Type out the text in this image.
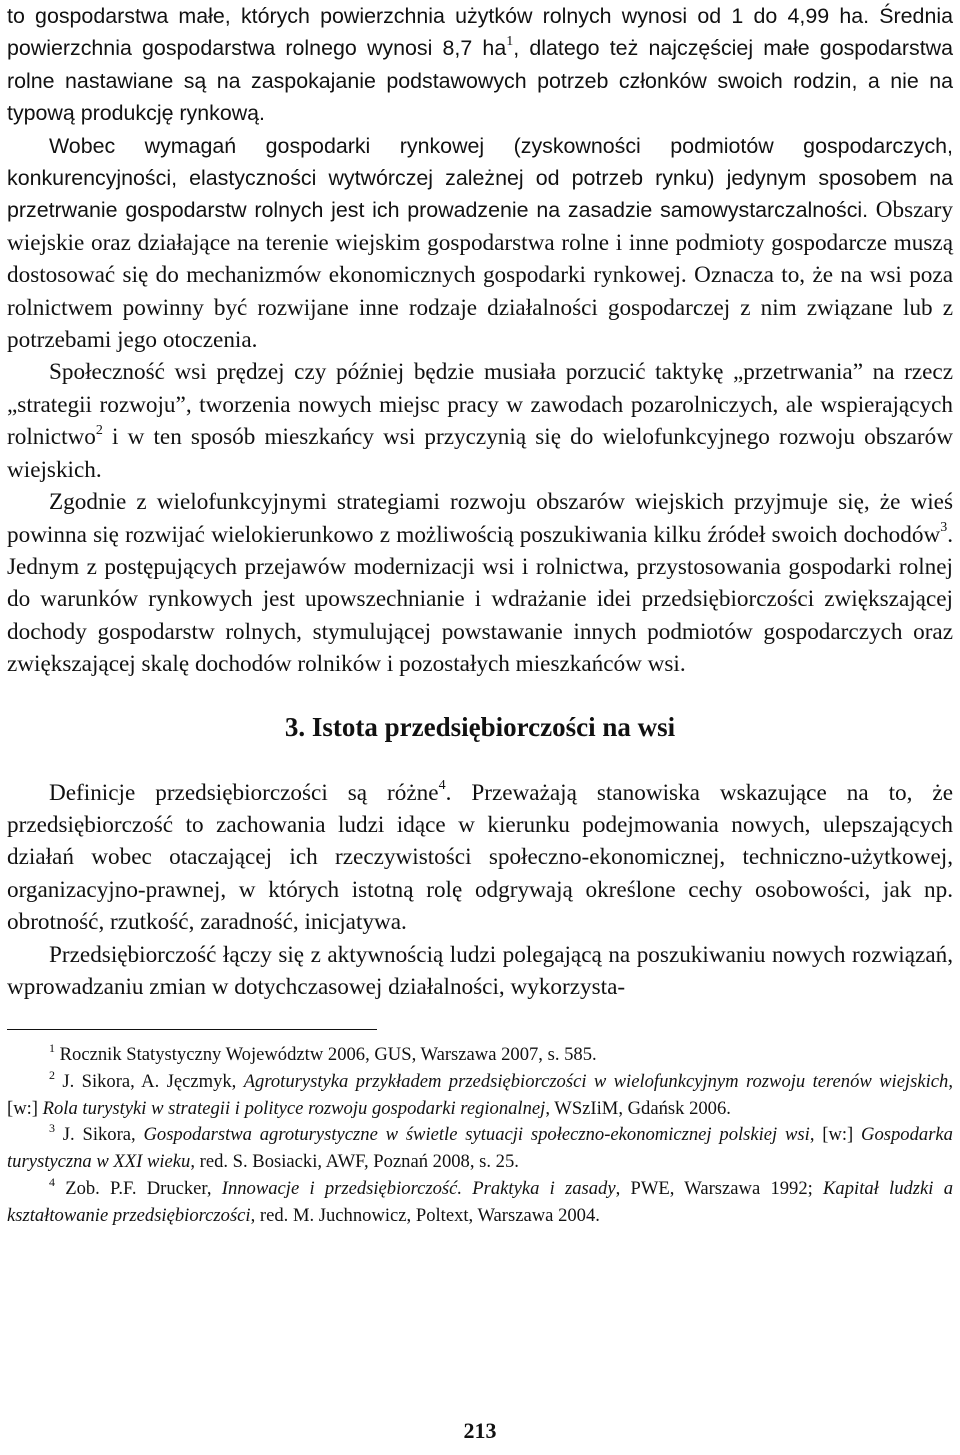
to gospodarstwa małe, których powierzchnia użytków rolnych wynosi od 1 do 4,99 ha. Średnia powierzchnia gospodarstwa rolnego wynosi 8,7 $ha^1$, dlatego też najczęściej małe gospodarstwa rolne nastawiane są na zaspokajanie podstawowych potrzeb członków swoich rodzin, a nie na typową produkcję rynkową.

Wobec wymagań gospodarki rynkowej (zyskowności podmiotów gospodarczych, konkurencyjności, elastyczności wytwórczej zależnej od potrzeb rynku) jedynym sposobem na przetrwanie gospodarstw rolnych jest ich prowadzenie na zasadzie samowystarczalności. Obszary wiejskie oraz działające na terenie wiejskim gospodarstwa rolne i inne podmioty gospodarcze muszą dostosować się do mechanizmów ekonomicznych gospodarki rynkowej. Oznacza to, że na wsi poza rolnictwem powinny być rozwijane inne rodzaje działalności gospodarczej z nim związane lub z potrzebami jego otoczenia.

Społeczność wsi prędzej czy później będzie musiała porzucić taktykę „przetrwania” na rzecz „strategii rozwoju”, tworzenia nowych miejsc pracy w zawodach pozarolniczych, ale wspierających rolnictwo$^2$ i w ten sposób mieszkańcy wsi przyczynią się do wielofunkcyjnego rozwoju obszarów wiejskich.

Zgodnie z wielofunkcyjnymi strategiami rozwoju obszarów wiejskich przyjmuje się, że wieś powinna się rozwijać wielokierunkowo z możliwością poszukiwania kilku źródeł swoich dochodów$^3$. Jednym z postępujących przejawów modernizacji wsi i rolnictwa, przystosowania gospodarki rolnej do warunków rynkowych jest upowszechnianie i wdrażanie idei przedsiębiorczości zwiększającej dochody gospodarstw rolnych, stymulującej powstawanie innych podmiotów gospodarczych oraz zwiększającej skalę dochodów rolników i pozostałych mieszkańców wsi.

3. Istota przedsiębiorczości na wsi

Definicje przedsiębiorczości są różne$^4$. Przeważają stanowiska wskazujące na to, że przedsiębiorczość to zachowania ludzi idące w kierunku podejmowania nowych, ulepszających działań wobec otaczającej ich rzeczywistości społeczno-ekonomicznej, techniczno-użytkowej, organizacyjno-prawnej, w których istotną rolę odgrywają określone cechy osobowości, jak np. obrotność, rzutkość, zaradność, inicjatywa.

Przedsiębiorczość łączy się z aktywnością ludzi polegającą na poszukiwaniu nowych rozwiązań, wprowadzaniu zmian w dotychczasowej działalności, wykorzysta-

$^1$ Rocznik Statystyczny Województw 2006, GUS, Warszawa 2007, s. 585.

$^2$ J. Sikora, A. Jęczmyk, Agroturystyka przykładem przedsiębiorczości w wielofunkcyjnym rozwoju terenów wiejskich, [w:] Rola turystyki w strategii i polityce rozwoju gospodarki regionalnej, WSzIiM, Gdańsk 2006.

$^3$ J. Sikora, Gospodarstwa agroturystyczne w świetle sytuacji społeczno-ekonomicznej polskiej wsi, [w:] Gospodarka turystyczna w XXI wieku, red. S. Bosiacki, AWF, Poznań 2008, s. 25.

$^4$ Zob. P.F. Drucker, Innowacje i przedsiębiorczość. Praktyka i zasady, PWE, Warszawa 1992; Kapitał ludzki a kształtowanie przedsiębiorczości, red. M. Juchnowicz, Poltext, Warszawa 2004.

213
